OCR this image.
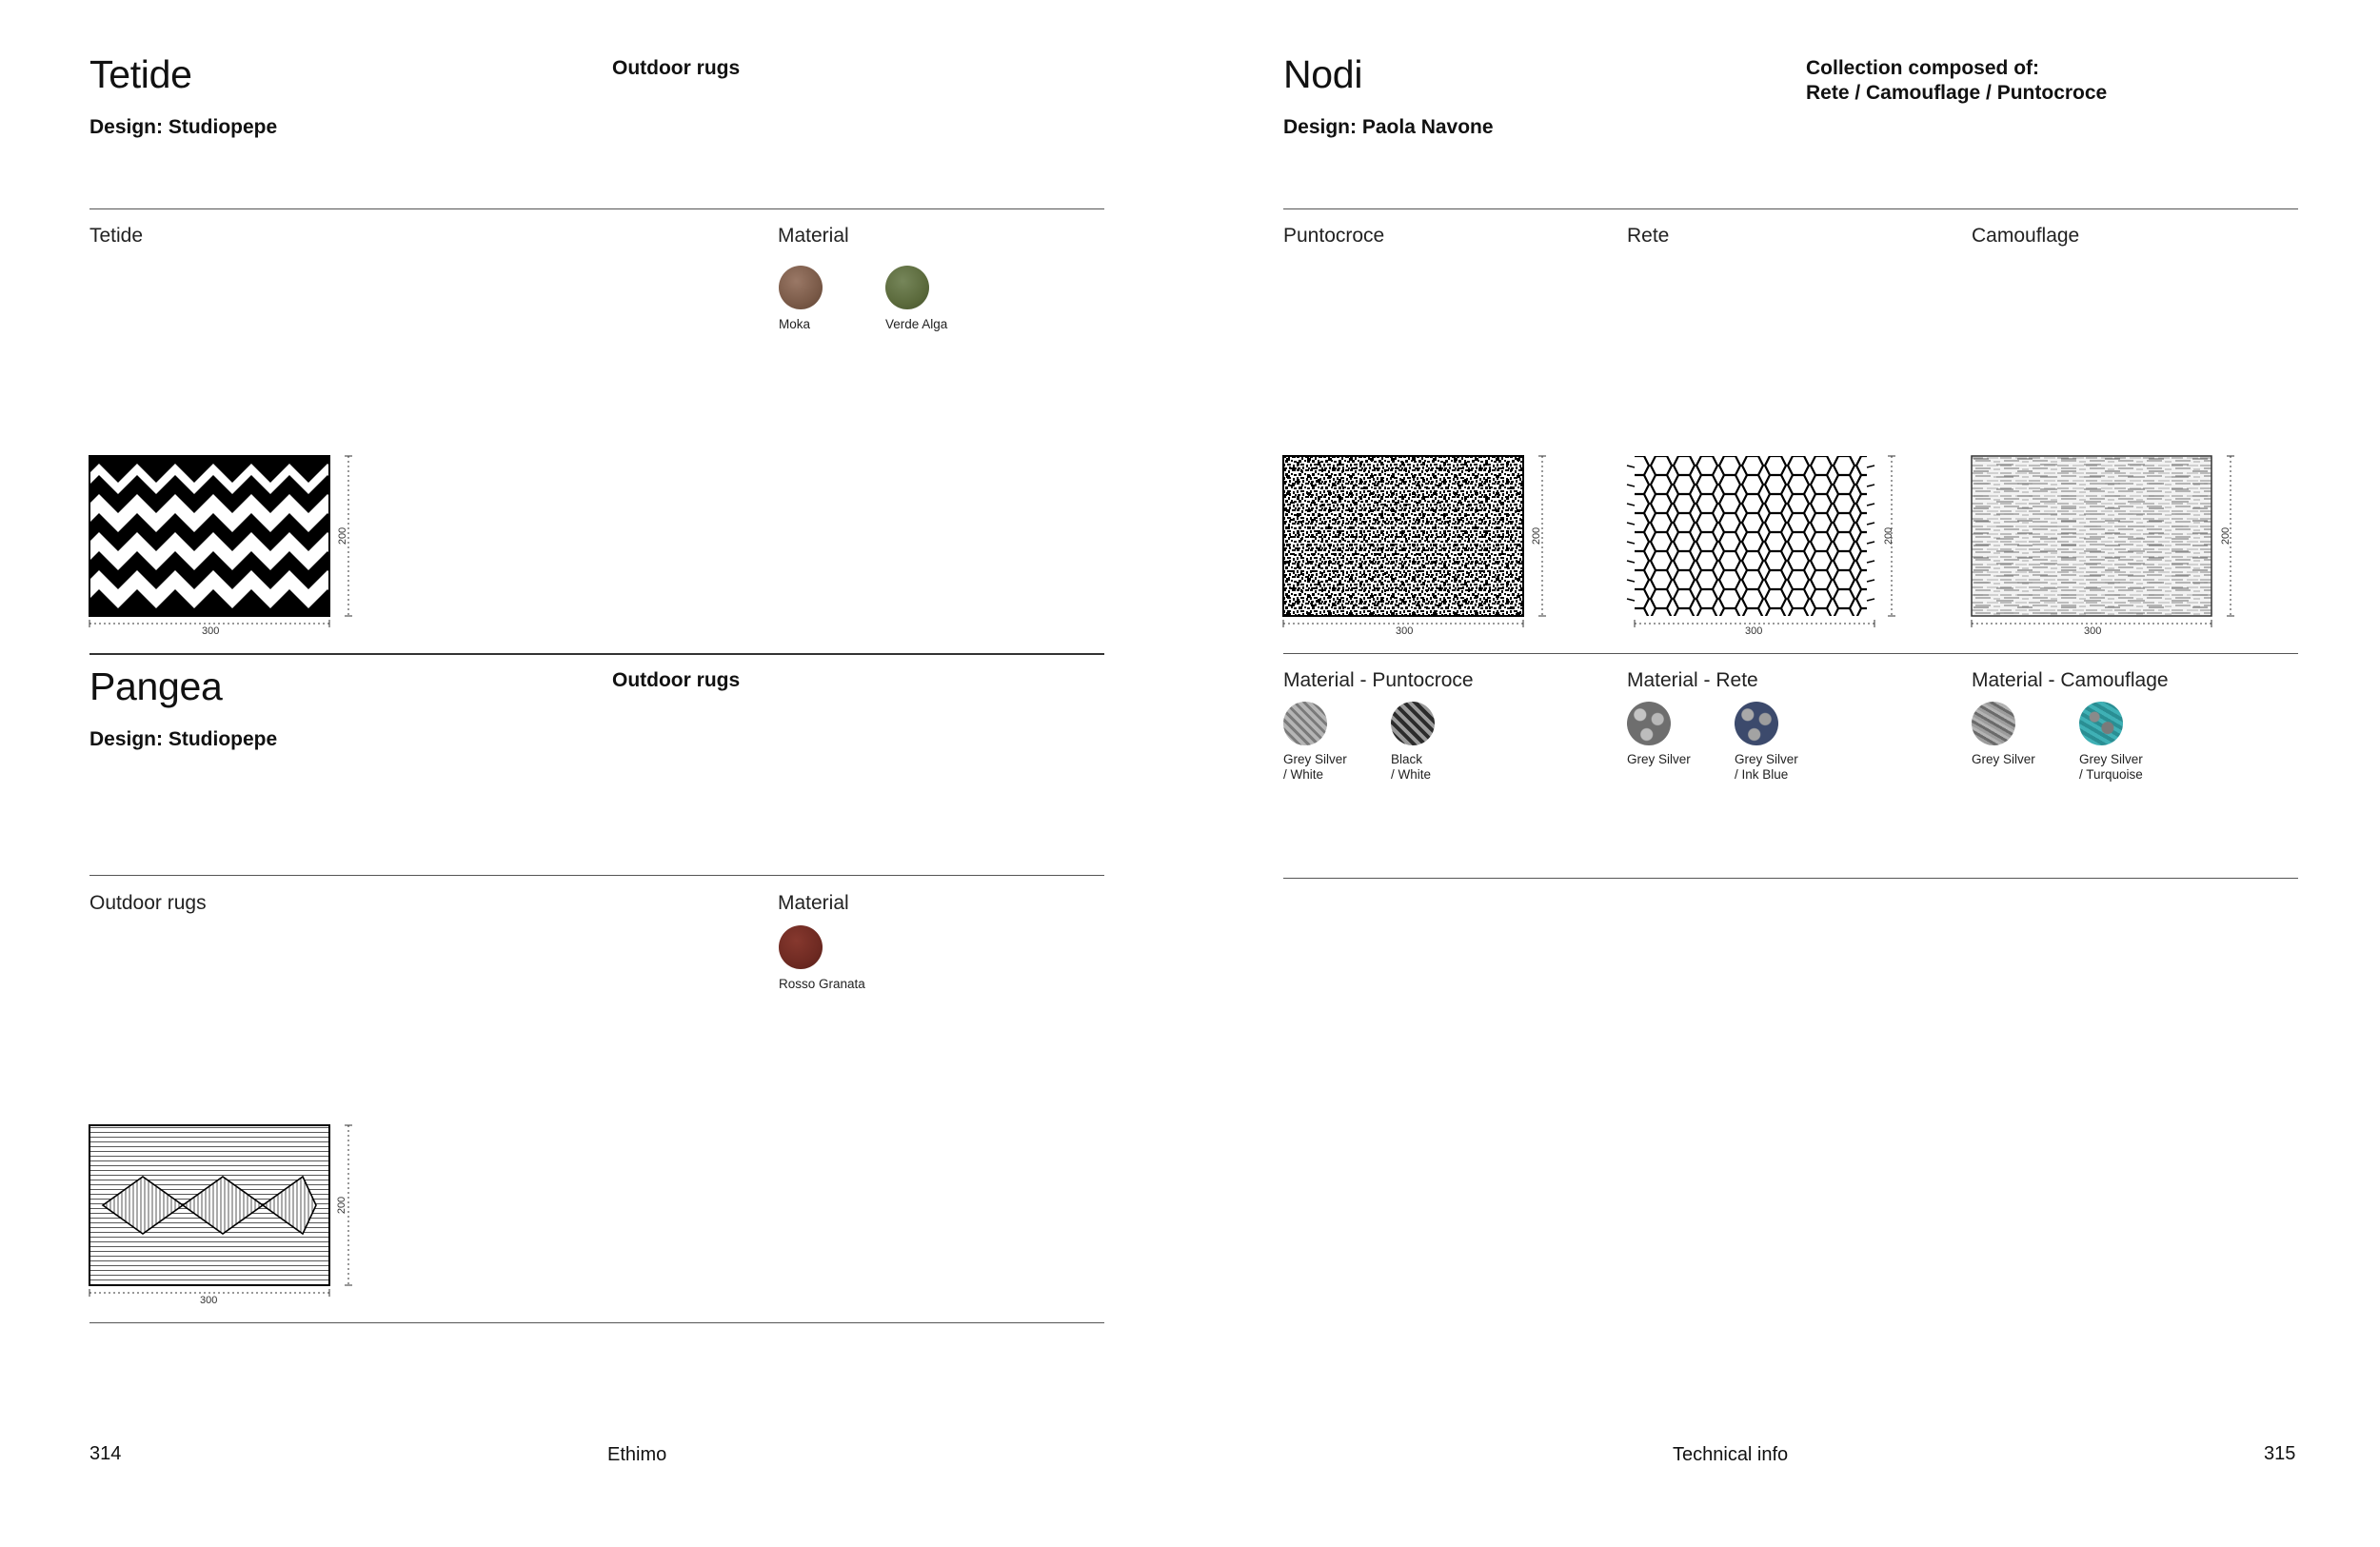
Tetide	Outdoor rugs
Design: Studiopepe
Tetide	Material
Moka	Verde Alga
300
200
Pangea	Outdoor rugs
Design: Studiopepe
Outdoor rugs	Material
Rosso Granata
300
200
Nodi
Design: Paola Navone
Collection composed of:
Rete / Camouflage / Puntocroce
Puntocroce	Rete	Camouflage
300
200
300
200
300
200
Material - Puntocroce	Material - Rete	Material - Camouflage
Grey Silver
/ White
Black
/ White
Grey Silver	Grey Silver
/ Ink Blue
Grey Silver	Grey Silver
/ Turquoise
314	Ethimo	Technical info	315
